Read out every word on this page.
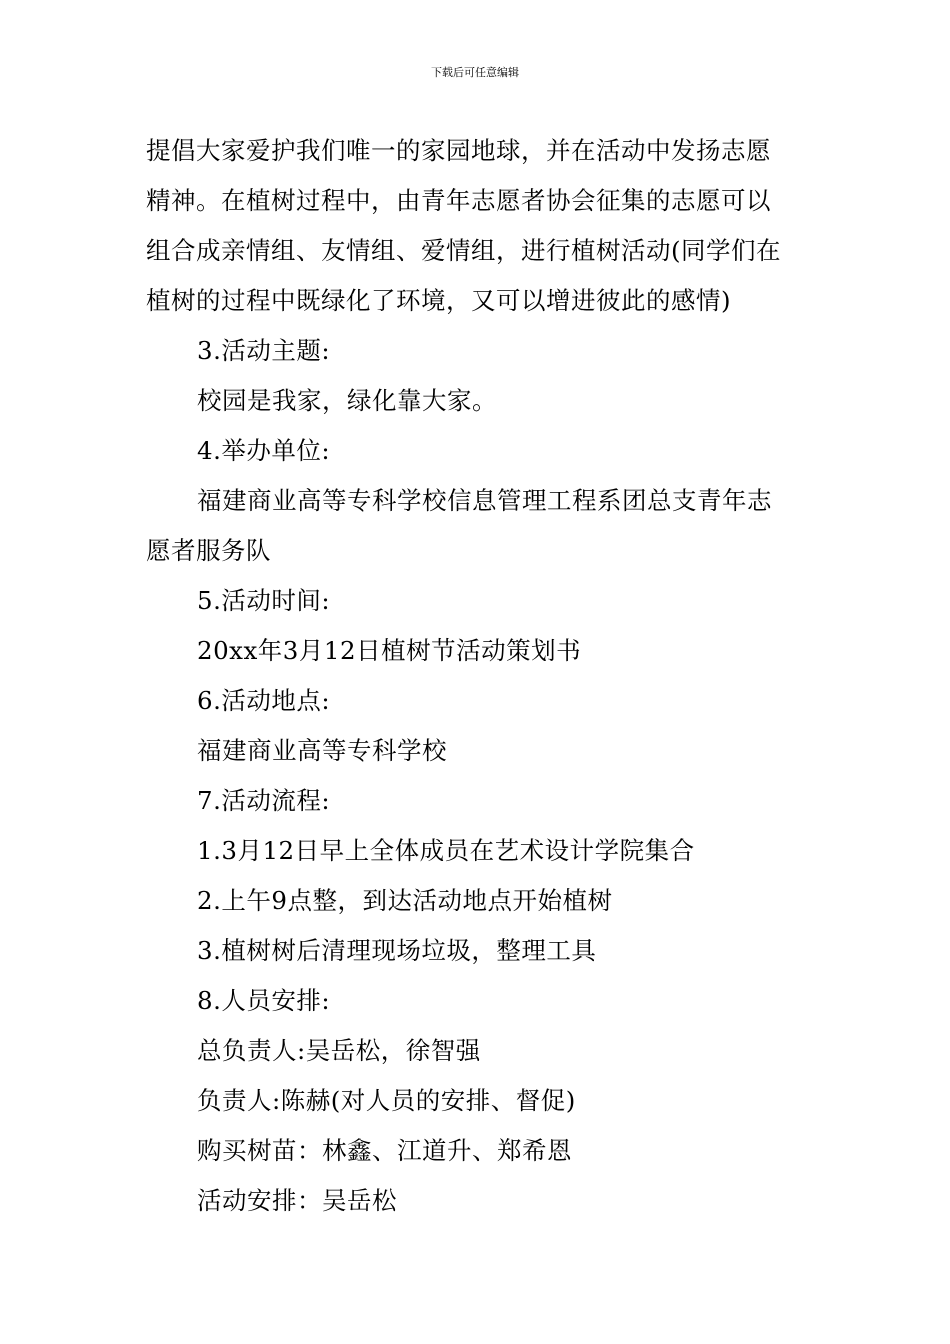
下载后可任意编辑

提倡大家爱护我们唯一的家园地球，并在活动中发扬志愿

精神。在植树过程中，由青年志愿者协会征集的志愿可以

组合成亲情组、友情组、爱情组，进行植树活动(同学们在

植树的过程中既绿化了环境，又可以增进彼此的感情)

3.活动主题:

校园是我家，绿化靠大家。

4.举办单位:

福建商业高等专科学校信息管理工程系团总支青年志

愿者服务队

5.活动时间:

20xx年3月12日植树节活动策划书

6.活动地点:

福建商业高等专科学校

7.活动流程:

1.3月12日早上全体成员在艺术设计学院集合

2.上午9点整，到达活动地点开始植树

3.植树树后清理现场垃圾，整理工具

8.人员安排:

总负责人:吴岳松，徐智强

负责人:陈赫(对人员的安排、督促)

购买树苗：林鑫、江道升、郑希恩

活动安排：吴岳松
